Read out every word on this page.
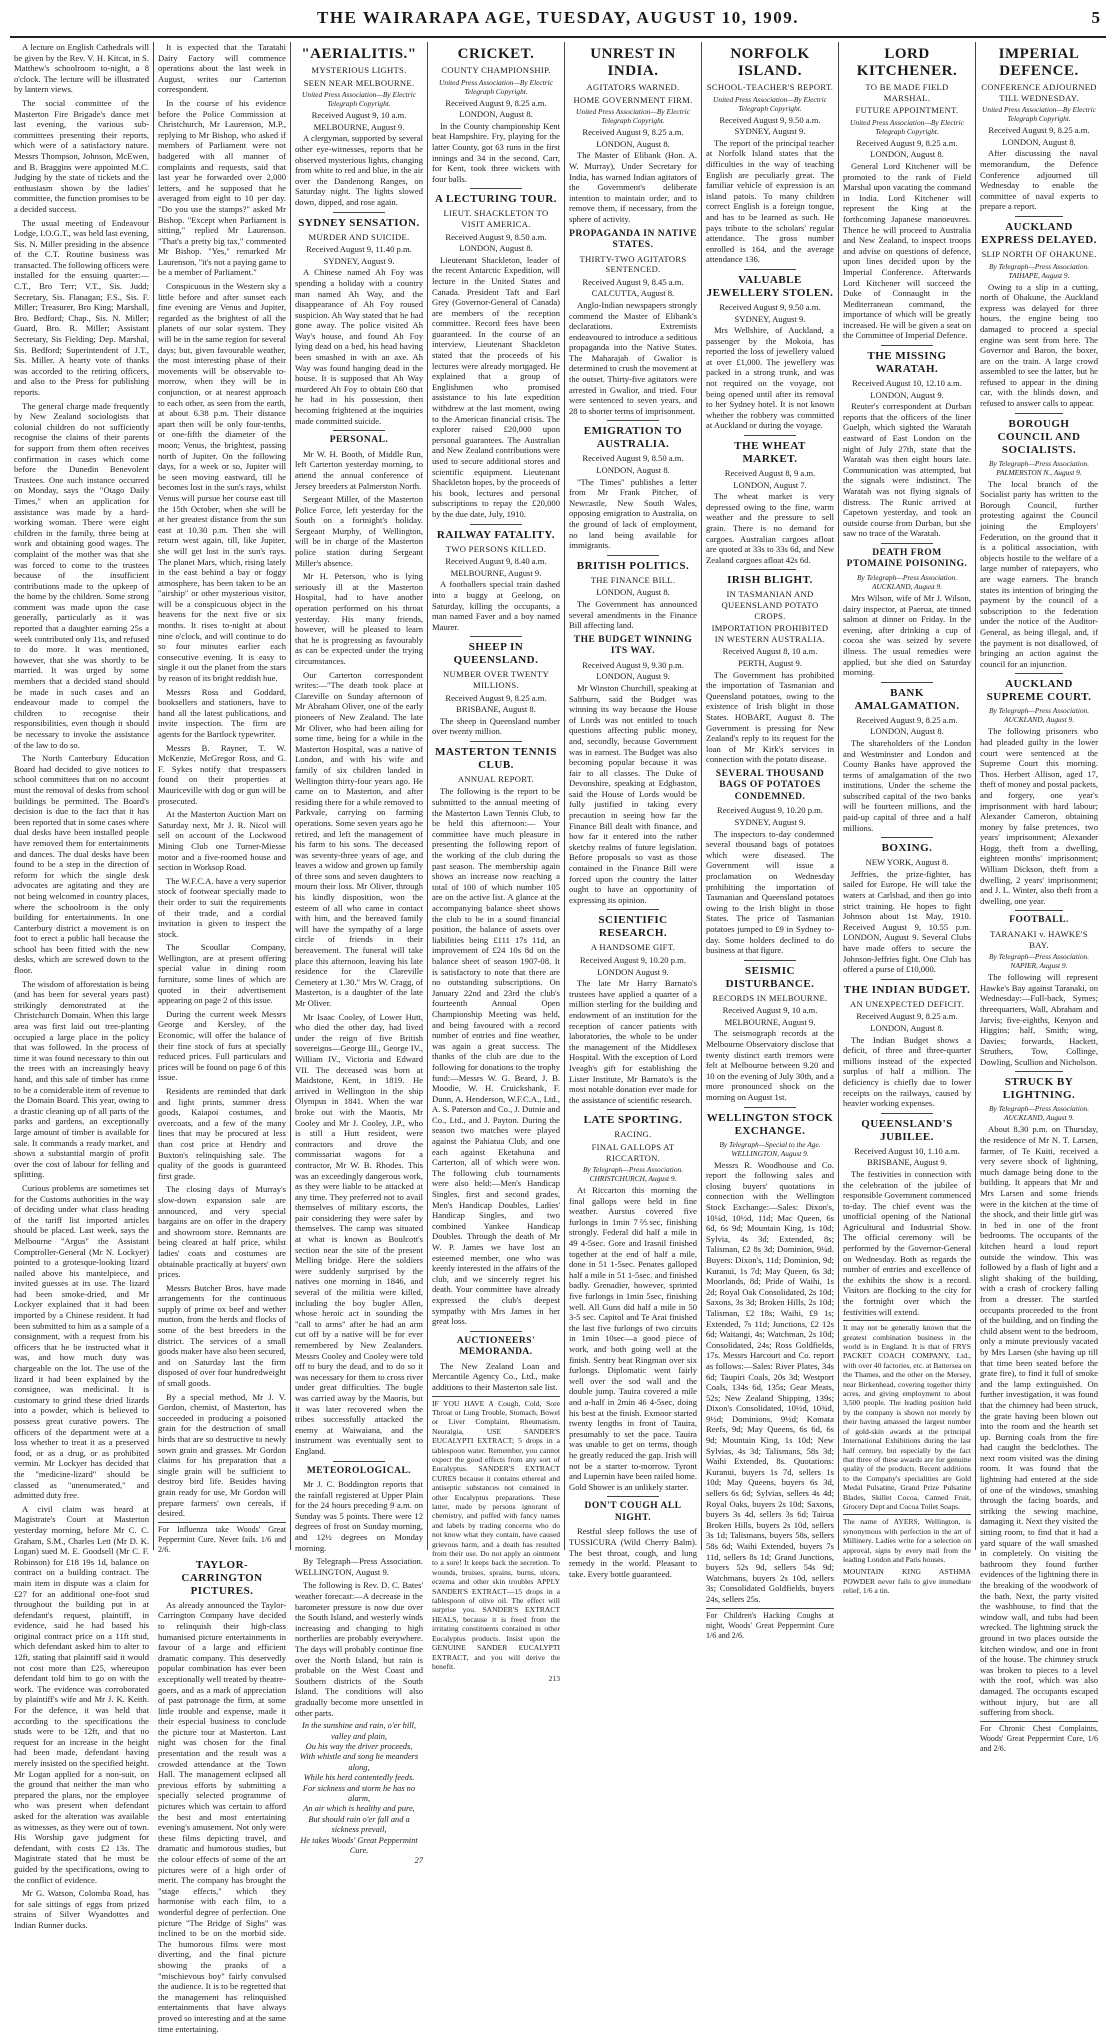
THE WAIRARAPA AGE, TUESDAY, AUGUST 10, 1909.	5

A lecture on English Cathedrals will be given by the Rev. V. H. Kitcat, in S. Matthew's schoolroom to-night, a 8 o'clock. The lecture will be illustrated by lantern views.

The social committee of the Masterton Fire Brigade's dance met last evening, the various sub-committees presenting their reports, which were of a satisfactory nature. Messrs Thompson, Johnson, McEwen, and B. Braggins were appointed M.C. Judging by the state of tickets and the enthusiasm shown by the ladies' committee, the function promises to be a decided success.

The usual meeting of Endeavour Lodge, I.O.G.T., was held last evening, Sis. N. Miller presiding in the absence of the C.T. Routine business was transacted. The following officers were installed for the ensuing quarter:—C.T., Bro Terr; V.T., Sis. Judd; Secretary, Sis. Flanagan; F.S., Sis. F. Miller; Treasurer, Bro King; Marshall, Bro. Bedford; Chap., Sis. N. Miller; Guard, Bro. R. Miller; Assistant Secretary, Sis Fielding; Dep. Marshal, Sis. Bedford; Superintendent of J.T., Sis. Miller. A hearty vote of thanks was accorded to the retiring officers, and also to the Press for publishing reports.

The general charge made frequently by New Zealand sociologists that colonial children do not sufficiently recognise the claims of their parents for support from them often receives confirmation in cases which come before the Dunedin Benevolent Trustees. One such instance occurred on Monday, says the "Otago Daily Times," when an application for assistance was made by a hard-working woman. There were eight children in the family, three being at work and obtaining good wages. The complaint of the mother was that she was forced to come to the trustees because of the insufficient contributions made to the upkeep of the home by the children. Some strong comment was made upon the case generally, particularly as it was reported that a daughter earning 25s a week contributed only 11s, and refused to do more. It was mentioned, however, that she was shortly to be married. It was urged by some members that a decided stand should be made in such cases and an endeavour made to compel the children to recognise their responsibilities, even though it should be necessary to invoke the assistance of the law to do so.

The North Canterbury Education Board had decided to give notices to school committees that on no account must the removal of desks from school buildings be permitted. The Board's decision is due to the fact that it has been reported that in some cases where dual desks have been installed people have removed them for entertainments and dances. The dual desks have been found to be a step in the direction of reform for which the single desk advocates are agitating and they are not being welcomed in country places, where the schoolroom is the only building for entertainments. In one Canterbury district a movement is on foot to erect a public hall because the school has been fitted with the new desks, which are screwed down to the floor.

The wisdom of afforestation is being (and has been for several years past) strikingly demonstrated at the Christchurch Domain. When this large area was first laid out tree-planting occupied a large place in the policy that was followed. In the process of time it was found necessary to thin out the trees with an increasingly heavy hand, and this sale of timber has come to be a considerable item of revenue to the Domain Board. This year, owing to a drastic cleaning up of all parts of the parks and gardens, an exceptionally large amount of timber is available for sale. It commands a ready market, and shows a substantial margin of profit over the cost of labour for felling and splitting.

Curious problems are sometimes set for the Customs authorities in the way of deciding under what class heading of the tariff list imported articles should be placed. Last week, says the Melbourne "Argus" the Assistant Comptroller-General (Mr N. Lockyer) pointed to a grotesque-looking lizard nailed above his mantelpiece, and invited guesses at its use. The lizard had been smoke-dried, and Mr Lockyer explained that it had been imported by a Chinese resident. It had been submitted to him as a sample of a consignment, with a request from his officers that he be instructed what it was, and how much duty was chargeable on the lot. The use of the lizard it had been explained by the consignee, was medicinal. It is customary to grind these dried lizards into a powder, which is believed to possess great curative powers. The officers of the department were at a loss whether to treat it as a preserved food, or as a drug, or as prohibited vermin. Mr Lockyer has decided that the "medicine-lizard" should be classed as "unenumerated," and admitted duty free.

A civil claim was heard at Magistrate's Court at Masterton yesterday morning, before Mr C. C. Graham, S.M., Charles Lett (Mr D. K. Logan) sued M. E. Goodsell (Mr C. F. Robinson) for £18 19s 1d, balance on contract on a building contract. The main item in dispute was a claim for £27 for an additional one-foot stud throughout the building put in at defendant's request, plaintiff, in evidence, said he had based his original contract price on a 11ft stud, which defendant asked him to alter to 12ft, stating that plaintiff said it would not cost more than £25, whereupon defendant told him to go on with the work. The evidence was corroborated by plaintiff's wife and Mr J. K. Keith. For the defence, it was held that according to the specifications the studs were to be 12ft, and that no request for an increase in the height had been made, defendant having merely insisted on the specified height. Mr Logan applied for a non-suit, on the ground that neither the man who prepared the plans, nor the employee who was present when defendant asked for the alteration was available as witnesses, as they were out of town. His Worship gave judgment for defendant, with costs £2 13s. The Magistrate stated that he must be guided by the specifications, owing to the conflict of evidence.

Mr G. Watson, Colomba Road, has for sale sittings of eggs from prized strains of Silver Wyandottes and Indian Runner ducks.

It is expected that the Taratahi Dairy Factory will commence operations about the last week in August, writes our Carterton correspondent.

In the course of his evidence before the Police Commission at Christchurch, Mr Laurenson, M.P., replying to Mr Bishop, who asked if members of Parliament were not badgered with all manner of complaints and requests, said that last year he forwarded over 2,000 letters, and he supposed that he averaged from eight to 10 per day. "Do you use the stamps?" asked Mr Bishop. "Except when Parliament is sitting," replied Mr Laurenson. "That's a pretty big tax," commented Mr Bishop. "Yes," remarked Mr Laurenson, "it's not a paying game to be a member of Parliament."

Conspicuous in the Western sky a little before and after sunset each fine evening are Venus and Jupiter, regarded as the brightest of all the planets of our solar system. They will be in the same region for several days; but, given favourable weather, the most interesting phase of their movements will be observable to-morrow, when they will be in conjunction, or at nearest approach to each other, as seen from the earth, at about 6.38 p.m. Their distance apart then will be only four-tenths, or one-fifth the diameter of the moon; Venus, the brightest, passing north of Jupiter. On the following days, for a week or so, Jupiter will be seen moving eastward, till he becomes lost in the sun's rays, whilst Venus will pursue her course east till the 15th October, when she will be at her greatest distance from the sun east at 10.30 p.m. Then she will return west again, till, like Jupiter, she will get lost in the sun's rays. The planet Mars, which, rising lately in the east behind a bay or foggy atmosphere, has been taken to be an "airship" or other mysterious visitor, will be a conspicuous object in the heavens for the next five or six months. It rises to-night at about nine o'clock, and will continue to do so four minutes earlier each consecutive evening. It is easy to single it out the planet from the stars by reason of its bright reddish hue.

Messrs Ross and Goddard, booksellers and stationers, have to hand all the latest publications, and invite inspection. The firm are agents for the Bartlock typewriter.

Messrs B. Rayner, T. W. McKenzie, McGregor Ross, and G. F. Sykes notify that trespassers found on their properties at Mauriceville with dog or gun will be prosecuted.

At the Masterton Auction Mart on Saturday next, Mr J. R. Nicol will sell on account of the Lockwood Mining Club one Turner-Miesse motor and a five-roomed house and section in Worksop Road.

The W.F.C.A. have a very superior stock of footwear specially made to their order to suit the requirements of their trade, and a cordial invitation is given to inspect the stock.

The Scoullar Company, Wellington, are at present offering special value in dining room furniture, some lines of which are quoted in their advertisement appearing on page 2 of this issue.

During the current week Messrs George and Kersley, of the Economic, will offer the balance of their fine stock of furs at specially reduced prices. Full particulars and prices will be found on page 6 of this issue.

Residents are reminded that dark and light prints, summer dress goods, Kaiapoi costumes, and overcoats, and a few of the many lines that may be procured at less than cost price at Hendry and Buxton's relinquishing sale. The quality of the goods is guaranteed first grade.

The closing days of Murray's slow-down expansion sale are announced, and very special bargains are on offer in the drapery and showroom store. Remnants are being cleared at half price, whilst ladies' coats and costumes are obtainable practically at buyers' own prices.

Messrs Butcher Bros. have made arrangements for the continuous supply of prime ox beef and wether mutton, from the herds and flocks of some of the best breeders in the district. The services of a small goods maker have also been secured, and on Saturday last the firm disposed of over four hundredweight of small goods.

By a special method, Mr J. V. Gordon, chemist, of Masterton, has succeeded in producing a poisoned grain for the destruction of small birds that are so destructive to newly sown grain and grasses. Mr Gordon claims for his preparation that a single grain will be sufficient to destroy bird life. Besides having grain ready for use, Mr Gordon will prepare farmers' own cereals, if desired.

For Influenza take Woods' Great Peppermint Cure. Never fails. 1/6 and 2/6.
TAYLOR-CARRINGTON PICTURES.

As already announced the Taylor-Carrington Company have decided to relinquish their high-class humanised picture entertainments in favour of a large and efficient dramatic company. This deservedly popular combination has ever been exceptionally well treated by theatre-goers, and as a mark of appreciation of past patronage the firm, at some little trouble and expense, made it their especial business to conclude the picture tour at Masterton. Last night was chosen for the final presentation and the result was a crowded attendance at the Town Hall. The management eclipsed all previous efforts by submitting a specially selected programme of pictures which was certain to afford the best and most entertaining evening's amusement. Not only were these films depicting travel, and dramatic and humorous studies, but the colour effects of some of the art pictures were of a high order of merit. The company has brought the "stage effects," which they harmonise with each film, to a wonderful degree of perfection. One picture "The Bridge of Sighs" was inclined to be on the morbid side. The humorous films were most diverting, and the final picture showing the pranks of a "mischievous boy" fairly convulsed the audience. It is to be regretted that the management has relinquished entertainments that have always proved so interesting and at the same time entertaining.

"AERIALITIS."
MYSTERIOUS LIGHTS.
SEEN NEAR MELBOURNE.
United Press Association—By Electric Telegraph Copyright.
Received August 9, 10 a.m.
MELBOURNE, August 9.

A clergyman, supported by several other eye-witnesses, reports that he observed mysterious lights, changing from white to red and blue, in the air over the Dandenong Ranges, on Saturday night. The lights slowed down, dipped, and rose again.

SYDNEY SENSATION.
MURDER AND SUICIDE.
Received August 9, 11.40 p.m.
SYDNEY, August 9.

A Chinese named Ah Foy was spending a holiday with a country man named Ah Way, and the disappearance of Ah Foy roused suspicion. Ah Way stated that he had gone away. The police visited Ah Way's house, and found Ah Foy lying dead on a bed, his head having been smashed in with an axe. Ah Way was found hanging dead in the house. It is supposed that Ah Way murdered Ah Foy to obtain £60 that he had in his possession, then becoming frightened at the inquiries made committed suicide.

PERSONAL.

Mr W. H. Booth, of Middle Run, left Carterton yesterday morning, to attend the annual conference of Jersey breeders at Palmerston North.

Sergeant Miller, of the Masterton Police Force, left yesterday for the South on a fortnight's holiday. Sergeant Murphy, of Wellington, will be in charge of the Masterton police station during Sergeant Miller's absence.

Mr H. Peterson, who is lying seriously ill at the Masterton Hospital, had to have another operation performed on his throat yesterday. His many friends, however, will be pleased to learn that he is progressing as favourably as can be expected under the trying circumstances.

Our Carterton correspondent writes:—"The death took place at Clareville on Sunday afternoon of Mr Abraham Oliver, one of the early pioneers of New Zealand. The late Mr Oliver, who had been ailing for some time, being for a while in the Masterton Hospital, was a native of London, and with his wife and family of six children landed in Wellington thirty-four years ago. He came on to Masterton, and after residing there for a while removed to Parkvale, carrying on farming operations. Some seven years ago he retired, and left the management of his farm to his sons. The deceased was seventy-three years of age, and leaves a widow and grown up family of three sons and seven daughters to mourn their loss. Mr Oliver, through his kindly disposition, won the esteem of all who came in contact with him, and the bereaved family will have the sympathy of a large circle of friends in their bereavement. The funeral will take place this afternoon, leaving his late residence for the Clareville Cemetery at 1.30." Mrs W. Cragg, of Masterton, is a daughter of the late Mr Oliver.

Mr Isaac Cooley, of Lower Hutt, who died the other day, had lived under the reign of five British sovereigns—George III., George IV., William IV., Victoria and Edward VII. The deceased was born at Maidstone, Kent, in 1819. He arrived in Wellington in the ship Olympus in 1841. When the war broke out with the Maoris, Mr Cooley and Mr J. Cooley, J.P., who is still a Hutt resident, were contractors and drove the commissariat wagons for a contractor, Mr W. B. Rhodes. This was an exceedingly dangerous work, as they were liable to be attacked at any time. They preferred not to avail themselves of military escorts, the pair considering they were safer by themselves. The camp was situated at what is known as Boulcott's section near the site of the present Melling bridge. Here the soldiers were suddenly surprised by the natives one morning in 1846, and several of the militia were killed, including the boy bugler Allen, whose heroic act in sounding the "call to arms" after he had an arm cut off by a native will be for ever remembered by New Zealanders. Messrs Cooley and Cooley were told off to bury the dead, and to do so it was necessary for them to cross river under great difficulties. The bugle was carried away by the Maoris, but it was later recovered when the tribes successfully attacked the enemy at Waiwaiana, and the instrument was eventually sent to England.

METEOROLOGICAL.

Mr J. C. Boddington reports that the rainfall registered at Upper Plain for the 24 hours preceding 9 a.m. on Sunday was 5 points. There were 12 degrees of frost on Sunday morning, and 12½ degrees on Monday morning.

By Telegraph—Press Association. WELLINGTON, August 9.

The following is Rev. D. C. Bates' weather forecast:—A decrease in the barometer pressure is now due over the South Island, and westerly winds increasing and changing to high northerlies are probably everywhere. The days will probably continue fine over the North Island, but rain is probable on the West Coast and Southern districts of the South Island. The conditions will also gradually become more unsettled in other parts.

In the sunshine and rain, o'er hill, valley and plain,
Ou his way the driver proceeds,
With whistle and song he meanders along,
While his herd contentedly feeds.
For sickness and storm he has no alarm,
An air which is healthy and pure,
But should rain o'er fall and a sickness prevail,
He takes Woods' Great Peppermint Cure.
27
CRICKET.
COUNTY CHAMPIONSHIP.
United Press Association—By Electric Telegraph Copyright.
Received August 9, 8.25 a.m.
LONDON, August 8.

In the County championship Kent beat Hampshire. Fry, playing for the latter County, got 63 runs in the first innings and 34 in the second. Carr, for Kent, took three wickets with four balls.

A LECTURING TOUR.
LIEUT. SHACKLETON TO VISIT AMERICA.
Received August 9, 8.50 a.m.
LONDON, August 8.

Lieutenant Shackleton, leader of the recent Antarctic Expedition, will lecture in the United States and Canada. President Taft and Earl Grey (Governor-General of Canada) are members of the reception committee. Record fees have been guaranteed. In the course of an interview, Lieutenant Shackleton stated that the proceeds of his lectures were already mortgaged. He explained that a group of Englishmen who promised assistance to his late expedition withdrew at the last moment, owing to the American financial crisis. The explorer raised £20,000 upon personal guarantees. The Australian and New Zealand contributions were used to secure additional stores and scientific equipment. Lieutenant Shackleton hopes, by the proceeds of his book, lectures and personal subscriptions to repay the £20,000 by the due date, July, 1910.

RAILWAY FATALITY.
TWO PERSONS KILLED.
Received August 9, 8.40 a.m.
MELBOURNE, August 9.

A footballers special train dashed into a buggy at Geelong, on Saturday, killing the occupants, a man named Faver and a boy named Maurer.

SHEEP IN QUEENSLAND.
NUMBER OVER TWENTY MILLIONS.
Received August 9, 8.25 a.m.
BRISBANE, August 8.

The sheep in Queensland number over twenty million.

MASTERTON TENNIS CLUB.
ANNUAL REPORT.

The following is the report to be submitted to the annual meeting of the Masterton Lawn Tennis Club, to be held this afternoon:— Your committee have much pleasure in presenting the following report of the working of the club during the past season. The membership again shows an increase now reaching a total of 100 of which number 105 are on the active list. A glance at the accompanying balance sheet shows the club to be in a sound financial position, the balance of assets over liabilities being £111 17s 11d, an improvement of £24 10s 8d on the balance sheet of season 1907-08. It is satisfactory to note that there are no outstanding subscriptions. On January 22nd and 23rd the club's fourteenth Annual Open Championship Meeting was held, and being favoured with a record number of entries and fine weather, was again a great success. The thanks of the club are due to the following for donations to the trophy fund:—Messrs W. G. Beard, J. B. Moodie, W. H. Cruickshank, F. Dunn, A. Henderson, W.F.C.A., Ltd., A. S. Paterson and Co., J. Dutnie and Co., Ltd., and J. Payton. During the season two matches were played against the Pahiatua Club, and one each against Eketahuna and Carterton, all of which were won. The following club tournaments were also held:—Men's Handicap Singles, first and second grades, Men's Handicap Doubles, Ladies' Handicap Singles, and two combined Yankee Handicap Doubles. Through the death of Mr W. P. James we have lost an esteemed member, one who was keenly interested in the affairs of the club, and we sincerely regret his death. Your committee have already expressed the club's deepest sympathy with Mrs James in her great loss.

AUCTIONEERS' MEMORANDA.

The New Zealand Loan and Mercantile Agency Co., Ltd., make additions to their Masterton sale list.

IF YOU HAVE A Cough, Cold, Sore Throat or Lung Trouble, Stomach, Bowel or Liver Complaint, Rheumatism, Neuralgia, USE SANDER'S EUCALYPTI EXTRACT; 5 drops in a tablespoon water. Remember, you cannot expect the good effects from any sort of Eucalyptus. SANDER'S EXTRACT CURES because it contains ethereal and antiseptic substances not contained in other Eucalyptus preparations. These latter, made by persons ignorant of chemistry, and puffed with fancy names and labels by trading concerns who do not know what they contain, have caused grievous harm, and a death has resulted from their use. Do not apply an ointment to a sore! It keeps back the secretion. To wounds, bruises, sprains, burns, ulcers, eczema and other skin troubles APPLY SANDER'S EXTRACT—15 drops in a tablespoon of olive oil. The effect will surprise you. SANDER'S EXTRACT HEALS, because it is freed from the irritating constituents contained in other Eucalyptus products. Insist upon the GENUINE SANDER EUCALYPTI EXTRACT, and you will derive the benefit.
213
UNREST IN INDIA.
AGITATORS WARNED.
HOME GOVERNMENT FIRM.
United Press Association—By Electric Telegraph Copyright.
Received August 9, 8.25 a.m.
LONDON, August 8.

The Master of Elibank (Hon. A. W. Murray), Under Secretary for India, has warned Indian agitators of the Government's deliberate intention to maintain order, and to remove them, if necessary, from the sphere of activity.

PROPAGANDA IN NATIVE STATES.
THIRTY-TWO AGITATORS SENTENCED.
Received August 9, 8.45 a.m.
CALCUTTA, August 8.

Anglo-Indian newspapers strongly commend the Master of Elibank's declarations. Extremists endeavoured to introduce a seditious propaganda into the Native States. The Maharajah of Gwalior is determined to crush the movement at the outset. Thirty-five agitators were arrested in Gwalior, and tried. Four were sentenced to seven years, and 28 to shorter terms of imprisonment.

EMIGRATION TO AUSTRALIA.
Received August 9, 8.50 a.m.
LONDON, August 8.

"The Times" publishes a letter from Mr Frank Pitcher, of Newcastle, New South Wales, opposing emigration to Australia, on the ground of lack of employment, no land being available for immigrants.

BRITISH POLITICS.
THE FINANCE BILL.
LONDON, August 8.

The Government has announced several amendments in the Finance Bill affecting land.

THE BUDGET WINNING ITS WAY.
Received August 9, 9.30 p.m.
LONDON, August 9.

Mr Winston Churchill, speaking at Saltburn, said the Budget was winning its way because the House of Lords was not entitled to touch questions affecting public money, and, secondly, because Government was in earnest. The Budget was also becoming popular because it was fair to all classes. The Duke of Devonshire, speaking at Edgbaston, said the House of Lords would be fully justified in taking every precaution in seeing how far the Finance Bill dealt with finance, and how far it entered into the rather sketchy realms of future legislation. Before proposals so vast as those contained in the Finance Bill were forced upon the country the latter ought to have an opportunity of expressing its opinion.

SCIENTIFIC RESEARCH.
A HANDSOME GIFT.
Received August 9, 10.20 p.m.
LONDON August 9.

The late Mr Harry Barnato's trustees have applied a quarter of a million sterling for the building and endowment of an institution for the reception of cancer patients with laboratories, the whole to be under the management of the Middlesex Hospital. With the exception of Lord Iveagh's gift for establishing the Lister Institute, Mr Barnato's is the most notable donation ever made for the assistance of scientific research.

LATE SPORTING.
RACING.
FINAL GALLOPS AT RICCARTON.
By Telegraph—Press Association. CHRISTCHURCH, August 9.

At Riccarton this morning the final gallops were held in fine weather. Aurstus covered five furlongs in 1min 7⅖sec, finishing strongly. Federal did half a mile in 49 4-5sec. Gore and Irasnil finished together at the end of half a mile, done in 51 1-5sec. Penates galloped half a mile in 51 1-5sec. and finished badly. Grenadier, however, sprinted five furlongs in 1min 5sec, finishing well. All Guns did half a mile in 50 3-5 sec. Capitol and Te Arai finished the last five furlongs of two circuits in 1min 10sec—a good piece of work, and both going well at the finish. Sentry beat Ringman over six furlongs. Diplomatic went fairly well over the sod wall and the double jump. Tauira covered a mile and a-half in 2min 46 4-5sec, doing his best at the finish. Exmoor started twenty lengths in front of Tauira, presumably to set the pace. Tauira was unable to get on terms, though he greatly reduced the gap. Irish will not be a starter to-morrow. Tyront and Lupernin have been railed home. Gold Shower is an unlikely starter.

DON'T COUGH ALL NIGHT.

Restful sleep follows the use of TUSSICURA (Wild Cherry Balm). The best throat, cough, and lung remedy in the world. Pleasant to take. Every bottle guaranteed.

NORFOLK ISLAND.
SCHOOL-TEACHER'S REPORT.
United Press Association—By Electric Telegraph Copyright.
Received August 9, 9.50 a.m.
SYDNEY, August 9.

The report of the principal teacher at Norfolk Island states that the difficulties in the way of teaching English are peculiarly great. The familiar vehicle of expression is an island patois. To many children correct English is a foreign tongue, and has to be learned as such. He pays tribute to the scholars' regular attendance. The gross number enrolled is 164, and the average attendance 136.

VALUABLE JEWELLERY STOLEN.
Received August 9, 9.50 a.m.
SYDNEY, August 9.

Mrs Wellshire, of Auckland, a passenger by the Mokoia, has reported the loss of jewellery valued at over £1,000. The jewellery was packed in a strong trunk, and was not required on the voyage, not being opened until after its removal to her Sydney hotel. It is not known whether the robbery was committed at Auckland or during the voyage.

THE WHEAT MARKET.
Received August 8, 9 a.m.
LONDON, August 7.

The wheat market is very depressed owing to the fine, warm weather and the pressure to sell grain. There is no demand for cargoes. Australian cargoes afloat are quoted at 33s to 33s 6d, and New Zealand cargoes afloat 42s 6d.

IRISH BLIGHT.
IN TASMANIAN AND QUEENSLAND POTATO CROPS.
IMPORTATION PROHIBITED IN WESTERN AUSTRALIA.
Received August 8, 10 a.m.
PERTH, August 9.

The Government has prohibited the importation of Tasmanian and Queensland potatoes, owing to the existence of Irish blight in those States. HOBART, August 8. The Government is pressing for New Zealand's reply to its request for the loan of Mr Kirk's services in connection with the potato disease.

SEVERAL THOUSAND BAGS OF POTATOES CONDEMNED.
Received August 9, 10.20 p.m.
SYDNEY, August 9.

The inspectors to-day condemned several thousand bags of potatoes which were diseased. The Government will issue a proclamation on Wednesday prohibiting the importation of Tasmanian and Queensland potatoes owing to the Irish blight in those States. The price of Tasmanian potatoes jumped to £9 in Sydney to-day. Some holders declined to do business at that figure.

SEISMIC DISTURBANCE.
RECORDS IN MELBOURNE.
Received August 9, 10 a.m.
MELBOURNE, August 9.

The seismograph records at the Melbourne Observatory disclose that twenty distinct earth tremors were felt at Melbourne between 9.20 and 10 on the evening of July 30th, and a more pronounced shock on the morning on August 1st.

WELLINGTON STOCK EXCHANGE.
By Telegraph—Special to the Age. WELLINGTON, August 9.

Messrs R. Woodhouse and Co. report the following sales and closing buyers' quotations in connection with the Wellington Stock Exchange:—Sales: Dixon's, 10¼d, 10½d, 11d; Mac Queen, 6s 6d, 6s 9d; Mountain King, 1s 10d; Sylvia, 4s 3d; Extended, 8s; Talisman, £2 8s 3d; Dominion, 9¼d. Buyers: Dixon's, 11d; Dominion, 9d; Kuranui, 1s 7d; May Queen, 6s 3d; Moorlands, 8d; Pride of Waihi, 1s 2d; Royal Oak Consolidated, 2s 10d; Saxons, 3s 3d; Broken Hills, 2s 10d; Talisman, £2 18s; Waihi, £9 1s; Extended, 7s 11d; Junctions, £2 12s 6d; Waitangi, 4s; Watchman, 2s 10d; Consolidated, 24s; Ross Goldfields, 17s. Messrs Harcourt and Co. report as follows:—Sales: River Plates, 34s 6d; Taupiri Coals, 20s 3d; Westport Coals, 134s 6d, 135s; Gear Meats, 52s; New Zealand Shipping, 139s; Dixon's Consolidated, 10½d, 10¾d, 9½d; Dominions, 9½d; Komata Reefs, 9d; May Queens, 6s 6d, 6s 9d; Mountain King, 1s 10d; New Sylvias, 4s 3d; Talismans, 58s 3d; Waihi Extended, 8s. Quotations: Kuranui, buyers 1s 7d, sellers 1s 10d; May Queens, buyers 6s 3d, sellers 6s 6d; Sylvias, sellers 4s 4d; Royal Oaks, buyers 2s 10d; Saxons, buyers 3s 4d, sellers 3s 6d; Tairua Broken Hills, buyers 2s 10d, sellers 3s 1d; Talismans, buyers 58s, sellers 58s 6d; Waihi Extended, buyers 7s 11d, sellers 8s 1d; Grand Junctions, buyers 52s 9d, sellers 54s 9d; Watchmans, buyers 2s 10d, sellers 3s; Consolidated Goldfields, buyers 24s, sellers 25s.

For Children's Hacking Coughs at night, Woods' Great Peppermint Cure 1/6 and 2/6.
LORD KITCHENER.
TO BE MADE FIELD MARSHAL.
FUTURE APPOINTMENT.
United Press Association—By Electric Telegraph Copyright.
Received August 9, 8.25 a.m.
LONDON, August 8.

General Lord Kitchener will be promoted to the rank of Field Marshal upon vacating the command in India. Lord Kitchener will represent the King at the forthcoming Japanese manoeuvres. Thence he will proceed to Australia and New Zealand, to inspect troops and advise on questions of defence, upon lines decided upon by the Imperial Conference. Afterwards Lord Kitchener will succeed the Duke of Connaught in the Mediterranean command, the importance of which will be greatly increased. He will be given a seat on the Committee of Imperial Defence.

THE MISSING WARATAH.
Received August 10, 12.10 a.m.
LONDON, August 9.

Reuter's correspondent at Durban reports that the officers of the liner Guelph, which sighted the Waratah eastward of East London on the night of July 27th, state that the Waratah was then eight hours late. Communication was attempted, but the signals were indistinct. The Waratah was not flying signals of distress. The Runic arrived at Capetown yesterday, and took an outside course from Durban, but she saw no trace of the Waratah.

DEATH FROM PTOMAINE POISONING.
By Telegraph—Press Association. AUCKLAND, August 9.

Mrs Wilson, wife of Mr J. Wilson, dairy inspector, at Paerua, ate tinned salmon at dinner on Friday. In the evening, after drinking a cup of cocoa she was seized by severe illness. The usual remedies were applied, but she died on Saturday morning.

BANK AMALGAMATION.
Received August 9, 8.25 a.m.
LONDON, August 8.

The shareholders of the London and Westminster and London and County Banks have approved the terms of amalgamation of the two institutions. Under the scheme the subscribed capital of the two banks will be fourteen millions, and the paid-up capital of three and a half millions.

BOXING.
NEW YORK, August 8.

Jeffries, the prize-fighter, has sailed for Europe. He will take the waters at Carlsbad, and then go into strict training. He hopes to fight Johnson about 1st May, 1910. Received August 9, 10.55 p.m. LONDON, August 9. Several Clubs have made offers to secure the Johnson-Jeffries fight. One Club has offered a purse of £10,000.

THE INDIAN BUDGET.
AN UNEXPECTED DEFICIT.
Received August 9, 8.25 a.m.
LONDON, August 8.

The Indian Budget shows a deficit, of three and three-quarter millions instead of the expected surplus of half a million. The deficiency is chiefly due to lower receipts on the railways, caused by heavier working expenses.

QUEENSLAND'S JUBILEE.
Received August 10, 1.10 a.m.
BRISBANE, August 9.

The festivities in connection with the celebration of the jubilee of responsible Government commenced to-day. The chief event was the unofficial opening of the National Agricultural and Industrial Show. The official ceremony will be performed by the Governor-General on Wednesday. Both as regards the number of entries and excellence of the exhibits the show is a record. Visitors are flocking to the city for the fortnight over which the festivities will extend.

It may not be generally known that the greatest combination business in the world is in England. It is that of FRYS PACKET COACH COMPANY, Ltd., with over 40 factories, etc. at Battersea on the Thames, and the other on the Mersey, near Birkenhead, covering together thirty acres, and giving employment to about 3,500 people. The leading position held by the company is shown not merely by their having amassed the largest number of gold-skin awards at the principal International Exhibitions during the last half century, but especially by the fact that three of these awards are for genuine quality of the products. Recent additions to the Company's specialities are Gold Medal Pulsatine, Grand Prize Pulsatine Blades, Skillet Cocoa, Canned Fruit, Grocery Dept and Cocoa Toilet Soaps.
The name of AYERS, Wellington, is synonymous with perfection in the art of Millinery. Ladies write for a selection on approval, signs by every mail from the leading London and Paris houses.
MOUNTAIN KING ASTHMA POWDER never fails to give immediate relief, 1/6 a tin.
IMPERIAL DEFENCE.
CONFERENCE ADJOURNED TILL WEDNESDAY.
United Press Association—By Electric Telegraph Copyright.
Received August 9, 8.25 a.m.
LONDON, August 8.

After discussing the naval memorandum, the Defence Conference adjourned till Wednesday to enable the committee of naval experts to prepare a report.

AUCKLAND EXPRESS DELAYED.
SLIP NORTH OF OHAKUNE.
By Telegraph—Press Association. TAIHAPE, August 9.

Owing to a slip in a cutting, north of Ohakune, the Auckland express was delayed for three hours, the engine being too damaged to proceed a special engine was sent from here. The Governor and Baron, the boxer, are on the train. A large crowd assembled to see the latter, but he refused to appear in the dining car, with the blinds down, and refused to answer calls to appear.

BOROUGH COUNCIL AND SOCIALISTS.
By Telegraph—Press Association. PALMERSTON N., August 9.

The local branch of the Socialist party has written to the Borough Council, further protesting against the Council joining the Employers' Federation, on the ground that it is a political association, with objects hostile to the welfare of a large number of ratepayers, who are wage earners. The branch states its intention of bringing the payment by the council of a subscription to the federation under the notice of the Auditor-General, as being illegal, and, if the payment is not disallowed, of bringing an action against the council for an injunction.

AUCKLAND SUPREME COURT.
By Telegraph—Press Association. AUCKLAND, August 9.

The following prisoners who had pleaded guilty in the lower court were sentenced at the Supreme Court this morning. Thos. Herbert Allison, aged 17, theft of money and postal packets, and forgery, one year's imprisonment with hard labour; Alexander Cameron, obtaining money by false pretences, two years' imprisonment; Alexander Hogg, theft from a dwelling, eighteen months' imprisonment; William Dickson, theft from a dwelling, 2 years' imprisonment; and J. L. Winter, also theft from a dwelling, one year.

FOOTBALL.
TARANAKI v. HAWKE'S BAY.
By Telegraph—Press Association. NAPIER, August 9.

The following will represent Hawke's Bay against Taranaki, on Wednesday:—Full-back, Symes; threequarters, Wall, Abraham and Jarvis; five-eighths, Kenyon and Higgins; half, Smith; wing, Davies; forwards, Hackett, Struthers, Tow, Collinge, Dowling, Scullion and Nicholson.

STRUCK BY LIGHTNING.
By Telegraph—Press Association. AUCKLAND, August 9.

About 8.30 p.m. on Thursday, the residence of Mr N. T. Larsen, farmer, of Te Kuiti, received a very severe shock of lightning, much damage being done to the building. It appears that Mr and Mrs Larsen and some friends were in the kitchen at the time of the shock, and their little girl was in bed in one of the front bedrooms. The occupants of the kitchen heard a loud report outside the window. This was followed by a flash of light and a slight shaking of the building, with a crash of crockery falling from a dresser. The startled occupants proceeded to the front of the building, and on finding the child absent went to the bedroom, only a minute previously vacated by Mrs Larsen (she having up till that time been seated before the grate fire), to find it full of smoke and the lamp extinguished. On further investigation, it was found that the chimney had been struck, the grate having been blown out into the room and the hearth set up. Burning coals from the fire had caught the bedclothes. The next room visited was the dining room. It was found that the lightning had entered at the side of one of the windows, smashing through the facing boards, and striking the sewing machine, damaging it. Next they visited the sitting room, to find that it had a yard square of the wall smashed in completely. On visiting the bathroom they found further evidences of the lightning there in the breaking of the woodwork of the bath. Next, the party visited the washhouse, to find that the window wall, and tubs had been wrecked. The lightning struck the ground in two places outside the kitchen window, and one in front of the house. The chimney struck was broken to pieces to a level with the roof, which was also damaged. The occupants escaped without injury, but are all suffering from shock.

For Chronic Chest Complaints, Woods' Great Peppermint Cure, 1/6 and 2/6.
